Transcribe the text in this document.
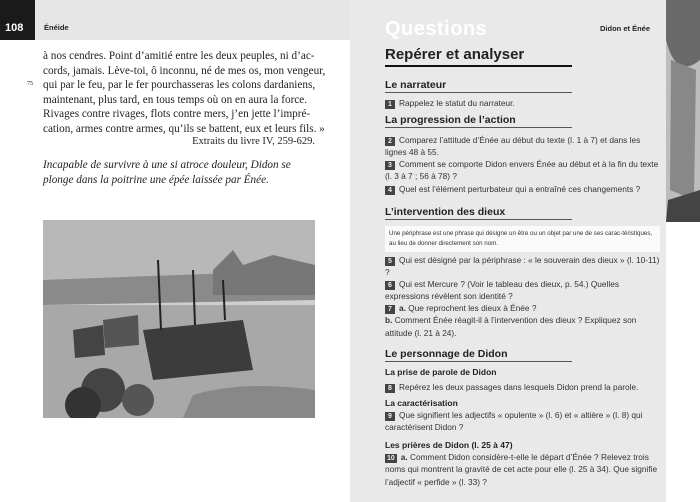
108	Énéide
à nos cendres. Point d’amitié entre les deux peuples, ni d’ac-
cords, jamais. Lève-toi, ô inconnu, né de mes os, mon vengeur,
qui par le feu, par le fer pourchasseras les colons dardaniens,
maintenant, plus tard, en tous temps où on en aura la force.
Rivages contre rivages, flots contre mers, j’en jette l’impré-
cation, armes contre armes, qu’ils se battent, eux et leurs fils. »
75
Extraits du livre IV, 259-629.
Incapable de survivre à une si atroce douleur, Didon se
plonge dans la poitrine une épée laissée par Énée.
Questions	Didon et Énée
Repérer et analyser
Le narrateur
1 Rappelez le statut du narrateur.
La progression de l’action
2 Comparez l’attitude d’Énée au début du texte (l. 1 à 7) et dans les lignes 48 à 55.
3 Comment se comporte Didon envers Énée au début et à la fin du texte (l. 3 à 7 ; 56 à 78) ?
4 Quel est l’élément perturbateur qui a entraîné ces changements ?
L’intervention des dieux
Une périphrase est une phrase qui désigne un être ou un objet par une de ses carac-téristiques, au lieu de donner directement son nom.
5 Qui est désigné par la périphrase : « le souverain des dieux » (l. 10-11) ?
6 Qui est Mercure ? (Voir le tableau des dieux, p. 54.) Quelles expressions révèlent son identité ?
7 a. Que reprochent les dieux à Énée ?
b. Comment Énée réagit-il à l’intervention des dieux ? Expliquez son attitude (l. 21 à 24).
Le personnage de Didon
La prise de parole de Didon
8 Repérez les deux passages dans lesquels Didon prend la parole.
La caractérisation
9 Que signifient les adjectifs « opulente » (l. 6) et « altière » (l. 8) qui caractérisent Didon ?
Les prières de Didon (l. 25 à 47)
10 a. Comment Didon considère-t-elle le départ d’Énée ? Relevez trois noms qui montrent la gravité de cet acte pour elle (l. 25 à 34). Que signifie l’adjectif « perfide » (l. 33) ?
